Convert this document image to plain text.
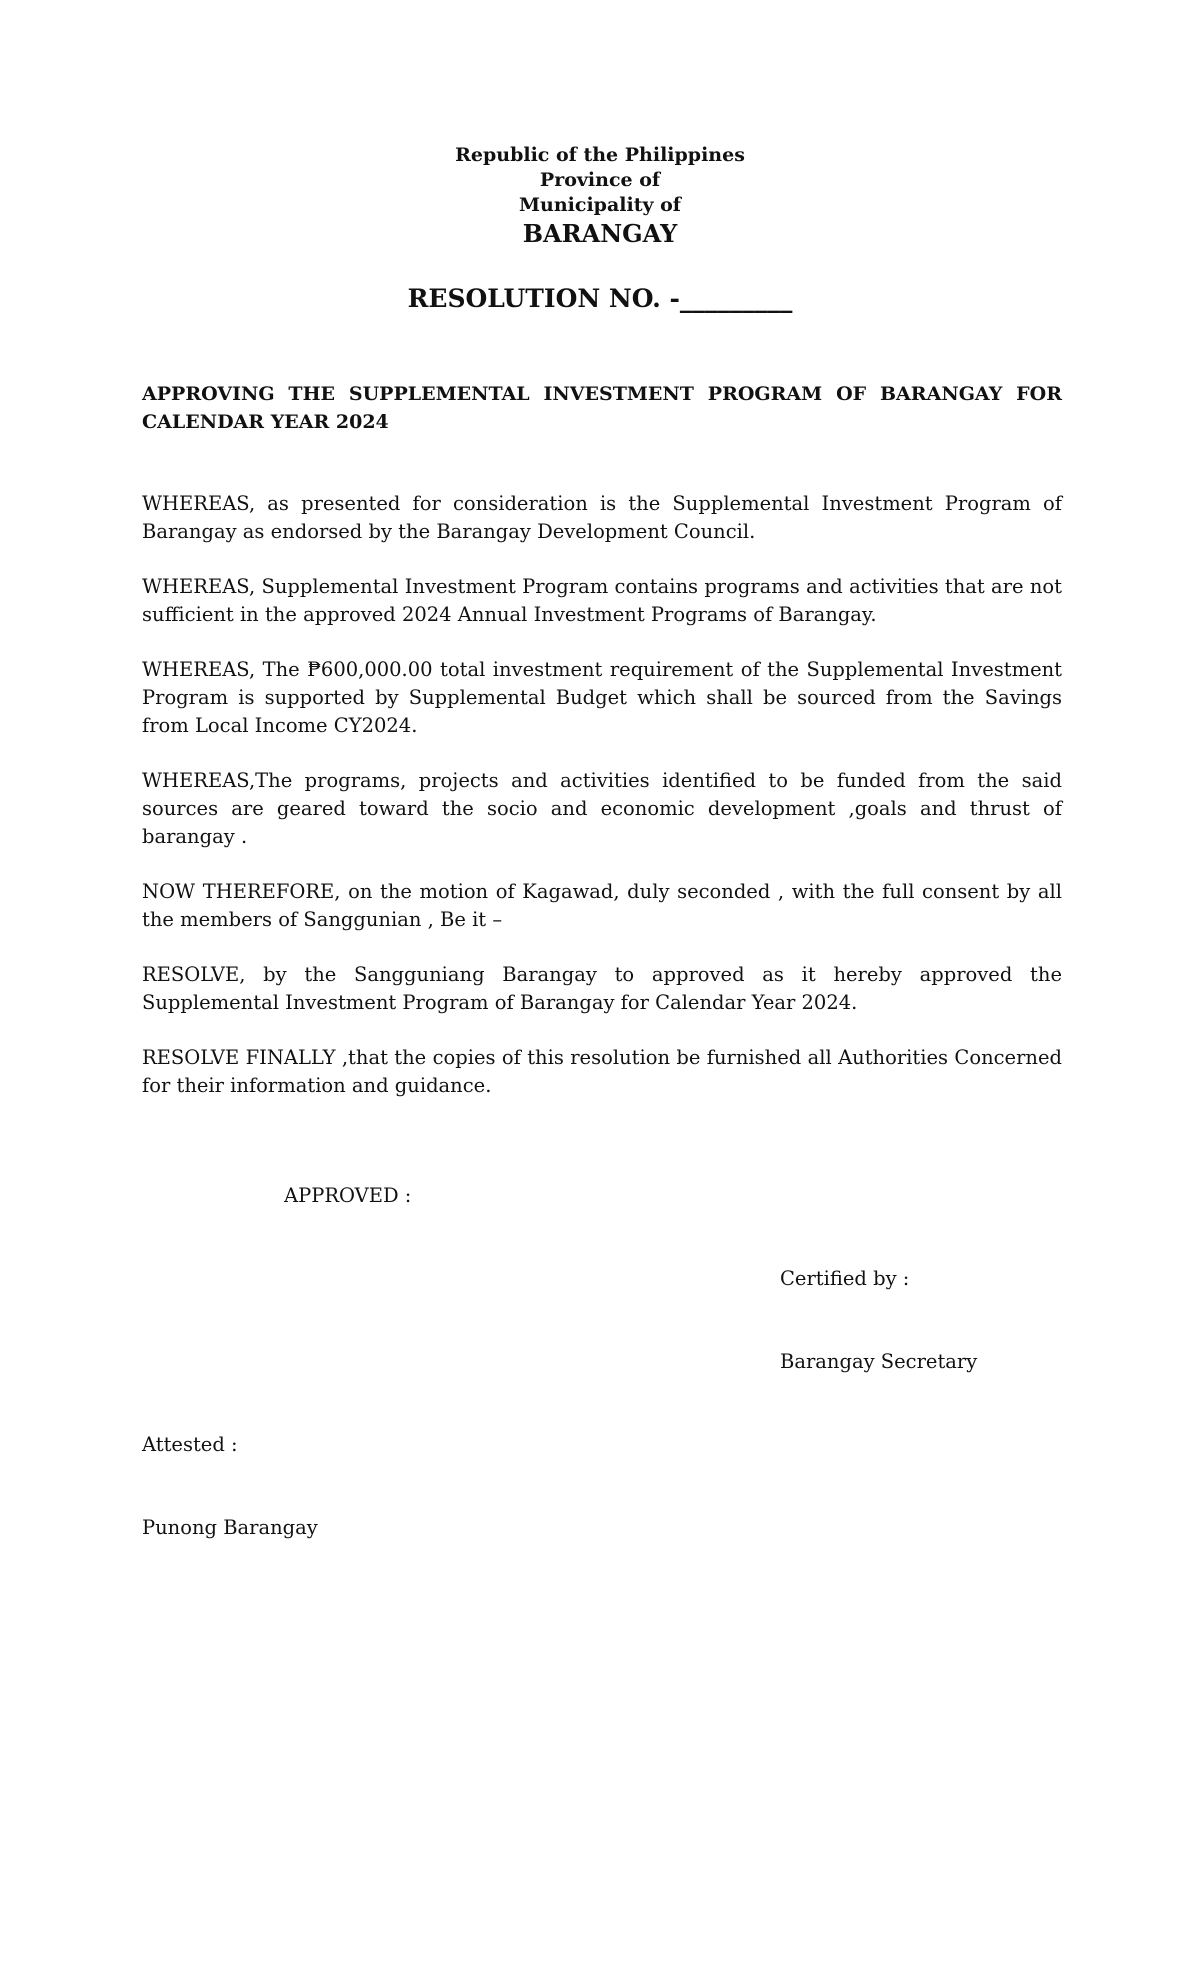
Republic of the Philippines
Province of
Municipality of
BARANGAY
RESOLUTION NO. -_________
APPROVING THE SUPPLEMENTAL INVESTMENT PROGRAM OF BARANGAY FOR CALENDAR YEAR 2024
WHEREAS, as presented for consideration is the Supplemental Investment Program of Barangay as endorsed by the Barangay Development Council.
WHEREAS, Supplemental Investment Program contains programs and activities that are not sufficient in the approved 2024 Annual Investment Programs of Barangay.
WHEREAS, The ₱600,000.00 total investment requirement of the Supplemental Investment Program is supported by Supplemental Budget which shall be sourced from the Savings from Local Income CY2024.
WHEREAS,The programs, projects and activities identified to be funded from the said sources are geared toward the socio and economic development ,goals and thrust of barangay .
NOW THEREFORE, on the motion of Kagawad, duly seconded , with the full consent by all the members of Sanggunian , Be it –
RESOLVE, by the Sangguniang Barangay to approved as it hereby approved the Supplemental Investment Program of Barangay for Calendar Year 2024.
RESOLVE FINALLY ,that the copies of this resolution be furnished all Authorities Concerned for their information and guidance.
APPROVED :
Certified by :
Barangay Secretary
Attested :
Punong Barangay
